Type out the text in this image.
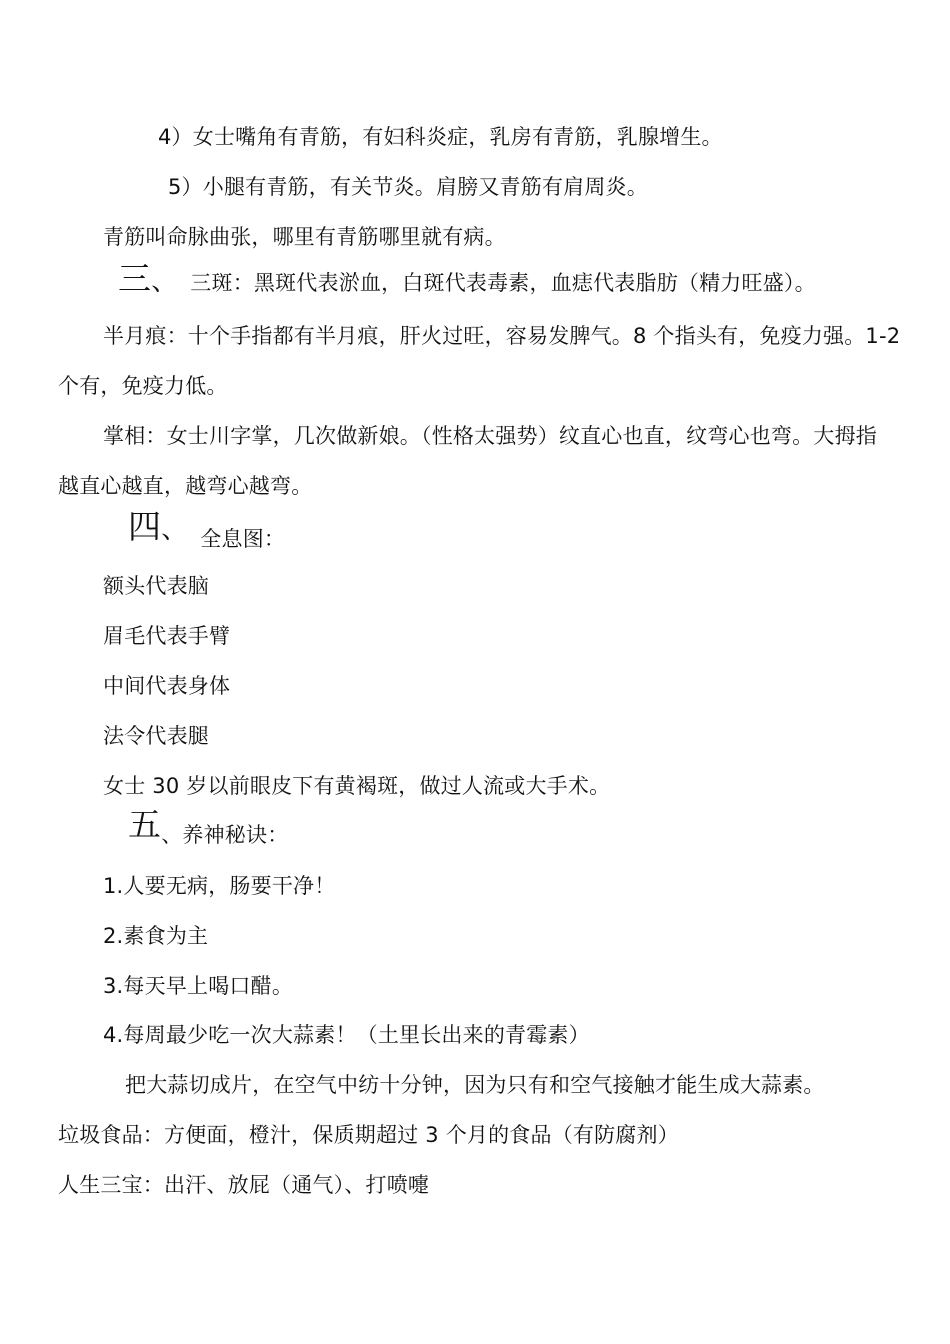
4）女士嘴角有青筋，有妇科炎症，乳房有青筋，乳腺增生。
5）小腿有青筋，有关节炎。肩膀又青筋有肩周炎。
青筋叫命脉曲张，哪里有青筋哪里就有病。
三、 三斑：黑斑代表淤血，白斑代表毒素，血痣代表脂肪（精力旺盛）。
半月痕：十个手指都有半月痕，肝火过旺，容易发脾气。8 个指头有，免疫力强。1-2
个有，免疫力低。
掌相：女士川字掌，几次做新娘。（性格太强势）纹直心也直，纹弯心也弯。大拇指
越直心越直，越弯心越弯。
四、 全息图：
额头代表脑
眉毛代表手臂
中间代表身体
法令代表腿
女士 30 岁以前眼皮下有黄褐斑，做过人流或大手术。
五、养神秘诀：
1.人要无病，肠要干净！
2.素食为主
3.每天早上喝口醋。
4.每周最少吃一次大蒜素！（土里长出来的青霉素）
把大蒜切成片，在空气中纺十分钟，因为只有和空气接触才能生成大蒜素。
垃圾食品：方便面，橙汁，保质期超过 3 个月的食品（有防腐剂）
人生三宝：出汗、放屁（通气）、打喷嚏
